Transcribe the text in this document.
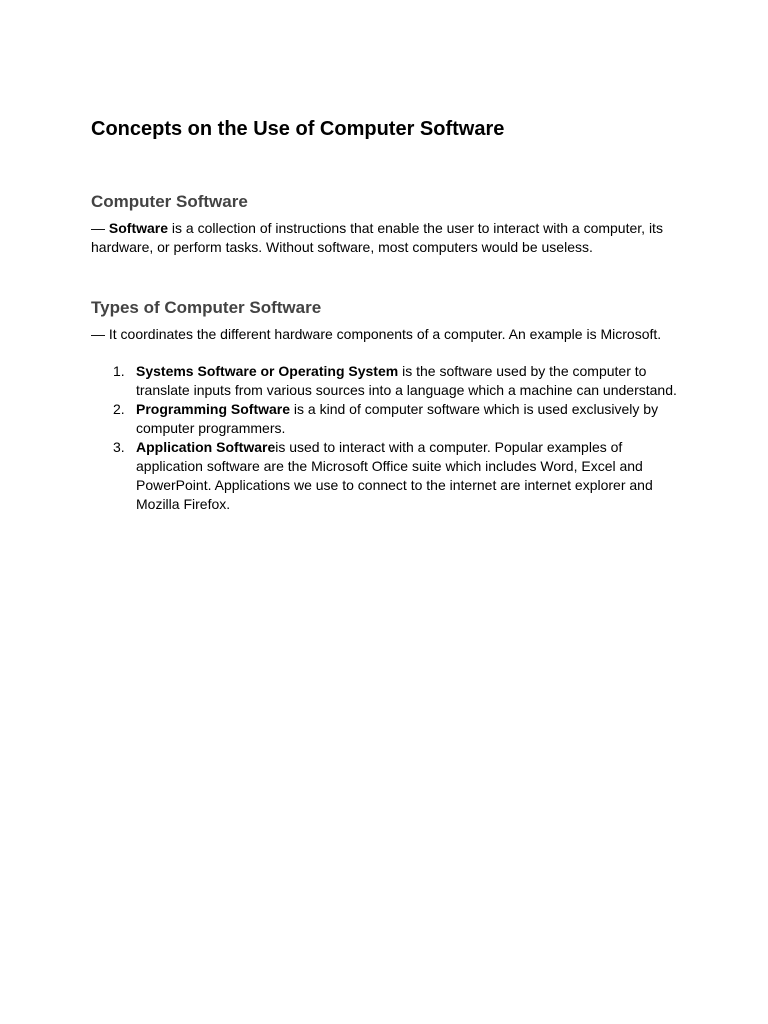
Concepts on the Use of Computer Software
Computer Software

— Software is a collection of instructions that enable the user to interact with a computer, its hardware, or perform tasks. Without software, most computers would be useless.

Types of Computer Software

— It coordinates the different hardware components of a computer. An example is Microsoft.

1. Systems Software or Operating System is the software used by the computer to translate inputs from various sources into a language which a machine can understand.
2. Programming Software is a kind of computer software which is used exclusively by computer programmers.
3. Application Softwareis used to interact with a computer. Popular examples of application software are the Microsoft Office suite which includes Word, Excel and PowerPoint. Applications we use to connect to the internet are internet explorer and Mozilla Firefox.
